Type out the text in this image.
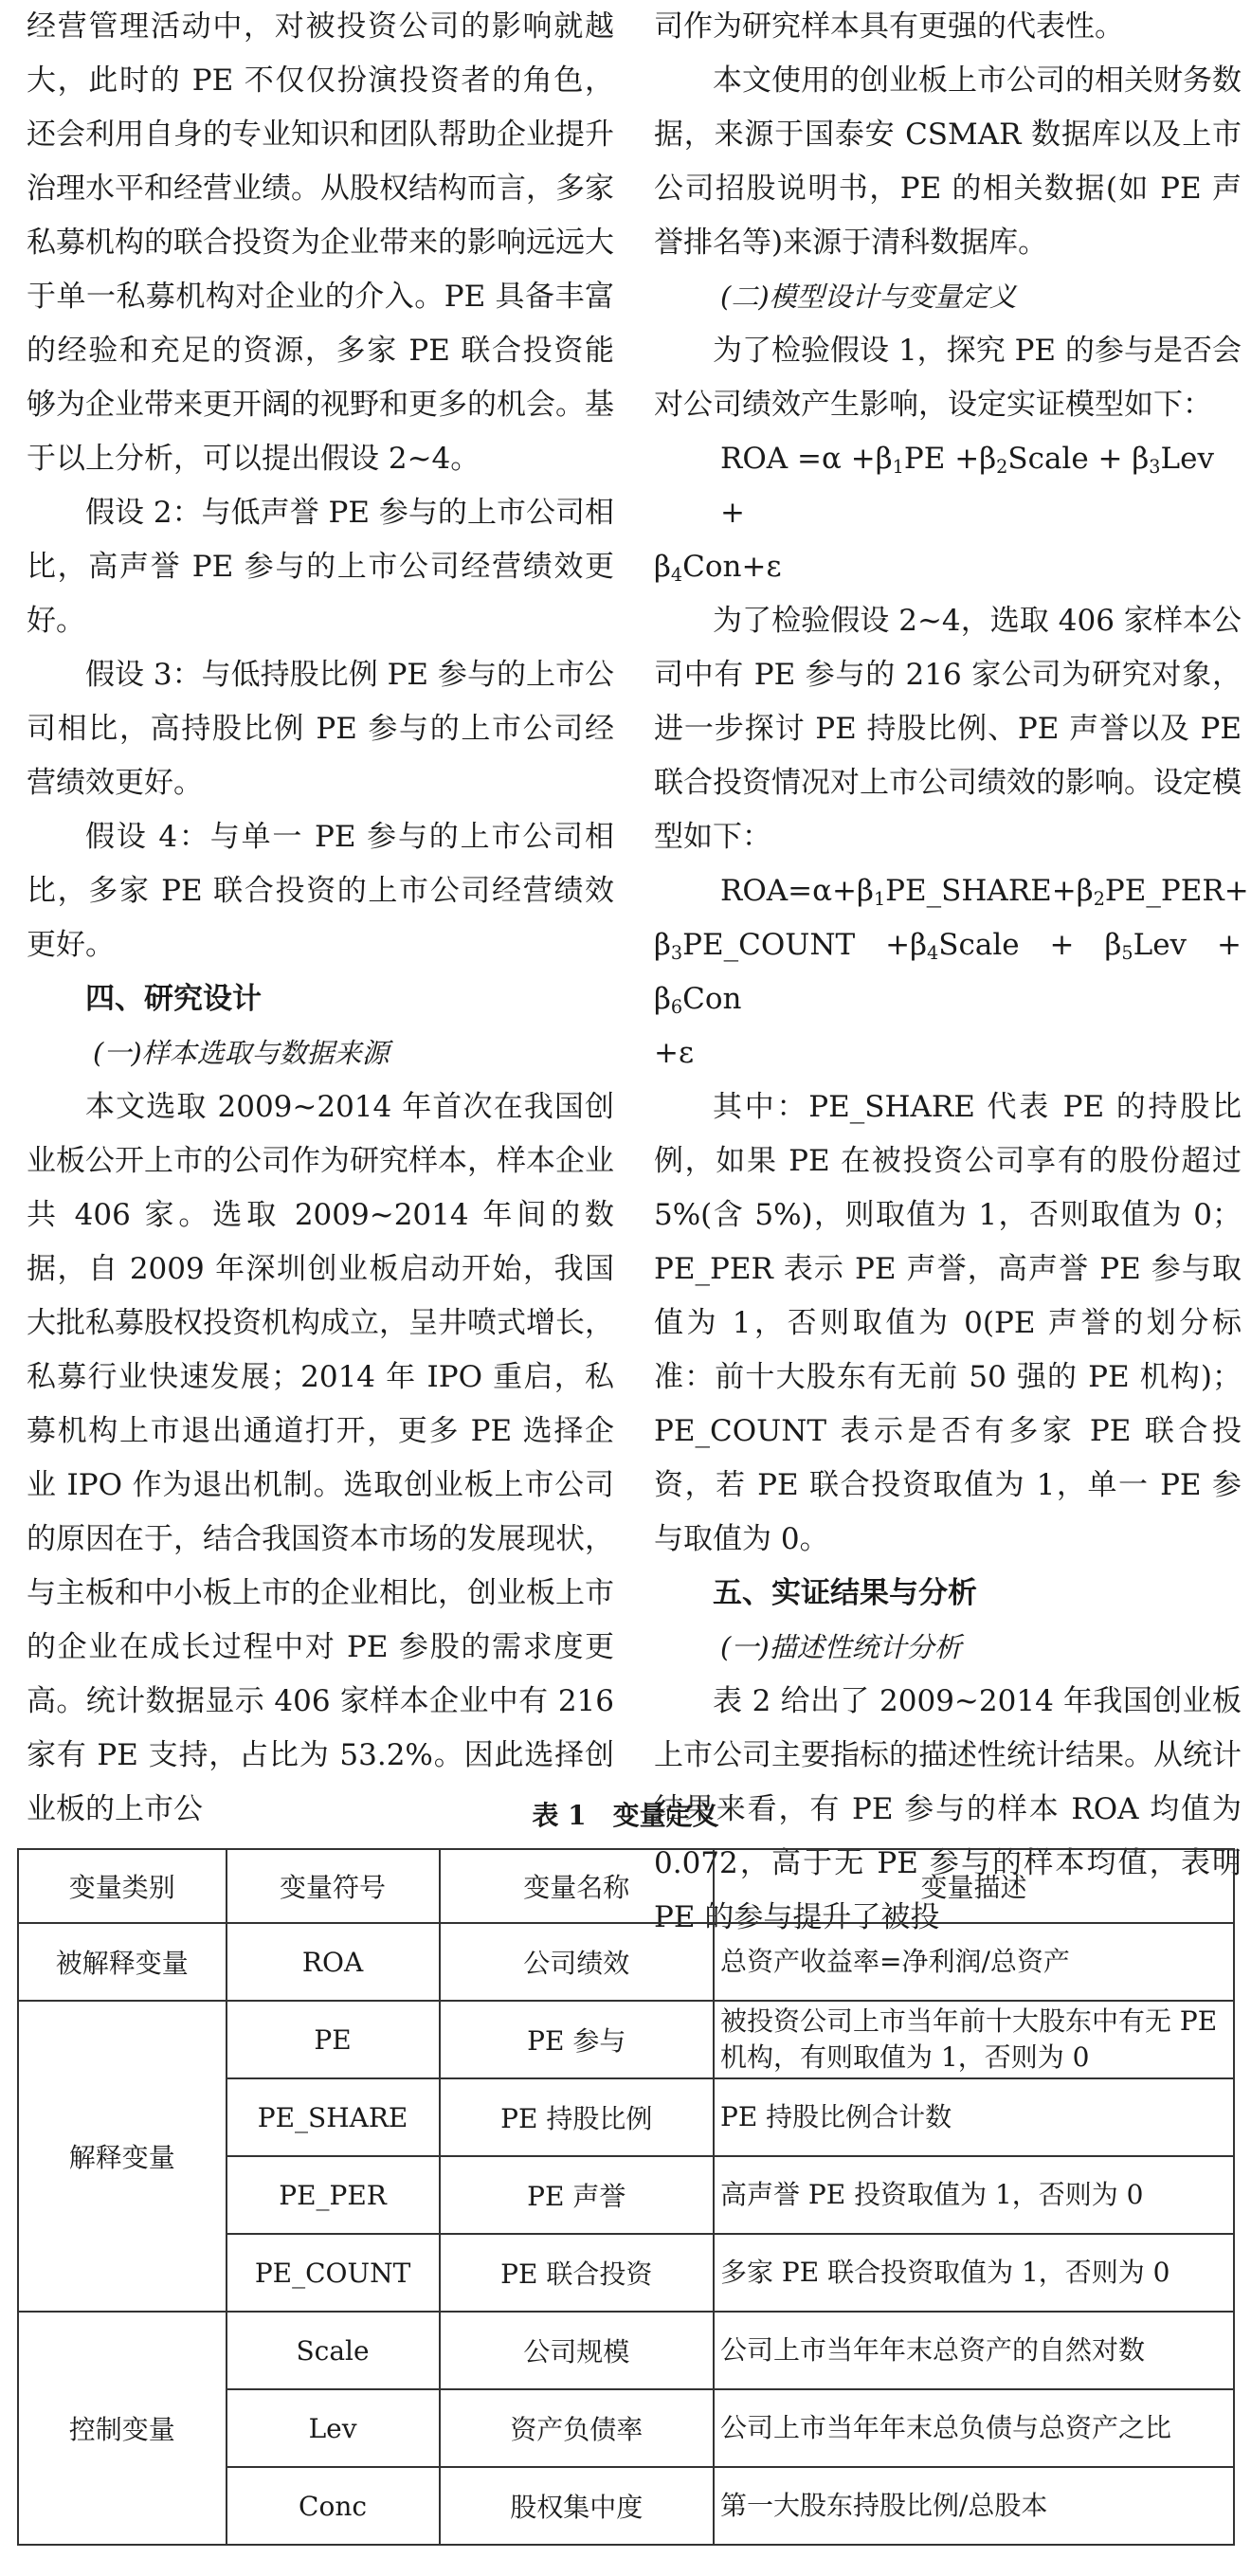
经营管理活动中，对被投资公司的影响就越大，此时的 PE 不仅仅扮演投资者的角色，还会利用自身的专业知识和团队帮助企业提升治理水平和经营业绩。从股权结构而言，多家私募机构的联合投资为企业带来的影响远远大于单一私募机构对企业的介入。PE 具备丰富的经验和充足的资源，多家 PE 联合投资能够为企业带来更开阔的视野和更多的机会。基于以上分析，可以提出假设 2~4。

假设 2：与低声誉 PE 参与的上市公司相比，高声誉 PE 参与的上市公司经营绩效更好。

假设 3：与低持股比例 PE 参与的上市公司相比，高持股比例 PE 参与的上市公司经营绩效更好。

假设 4：与单一 PE 参与的上市公司相比，多家 PE 联合投资的上市公司经营绩效更好。

四、研究设计

(一)样本选取与数据来源

本文选取 2009~2014 年首次在我国创业板公开上市的公司作为研究样本，样本企业共 406 家。选取 2009~2014 年间的数据，自 2009 年深圳创业板启动开始，我国大批私募股权投资机构成立，呈井喷式增长，私募行业快速发展；2014 年 IPO 重启，私募机构上市退出通道打开，更多 PE 选择企业 IPO 作为退出机制。选取创业板上市公司的原因在于，结合我国资本市场的发展现状，与主板和中小板上市的企业相比，创业板上市的企业在成长过程中对 PE 参股的需求度更高。统计数据显示 406 家样本企业中有 216 家有 PE 支持，占比为 53.2%。因此选择创业板的上市公

司作为研究样本具有更强的代表性。

本文使用的创业板上市公司的相关财务数据，来源于国泰安 CSMAR 数据库以及上市公司招股说明书，PE 的相关数据(如 PE 声誉排名等)来源于清科数据库。

(二)模型设计与变量定义

为了检验假设 1，探究 PE 的参与是否会对公司绩效产生影响，设定实证模型如下：

ROA $=\alpha +\beta_1PE$ $+\beta_2Scale + \beta_3Lev$ +

$\beta_4Con+\varepsilon$

为了检验假设 2~4，选取 406 家样本公司中有 PE 参与的 216 家公司为研究对象，进一步探讨 PE 持股比例、PE 声誉以及 PE 联合投资情况对上市公司绩效的影响。设定模型如下：

$ROA=\alpha+\beta_1PE\_SHARE+\beta_2PE\_PER+$

$\beta_3PE\_COUNT$ $+\beta_4Scale + \beta_5Lev + \beta_6Con$

+ε

其中：PE_SHARE 代表 PE 的持股比例，如果 PE 在被投资公司享有的股份超过 5%(含 5%)，则取值为 1，否则取值为 0；PE_PER 表示 PE 声誉，高声誉 PE 参与取值为 1，否则取值为 0(PE 声誉的划分标准：前十大股东有无前 50 强的 PE 机构)；PE_COUNT 表示是否有多家 PE 联合投资，若 PE 联合投资取值为 1，单一 PE 参与取值为 0。

五、实证结果与分析

(一)描述性统计分析

表 2 给出了 2009~2014 年我国创业板上市公司主要指标的描述性统计结果。从统计结果来看，有 PE 参与的样本 ROA 均值为 0.072，高于无 PE 参与的样本均值，表明 PE 的参与提升了被投

表 1　变量定义
变量类别	变量符号	变量名称	变量描述
被解释变量	ROA	公司绩效	总资产收益率=净利润/总资产
解释变量	PE	PE 参与	被投资公司上市当年前十大股东中有无 PE 机构，有则取值为 1，否则为 0
	PE_SHARE	PE 持股比例	PE 持股比例合计数
	PE_PER	PE 声誉	高声誉 PE 投资取值为 1，否则为 0
	PE_COUNT	PE 联合投资	多家 PE 联合投资取值为 1，否则为 0
控制变量	Scale	公司规模	公司上市当年年末总资产的自然对数
	Lev	资产负债率	公司上市当年年末总负债与总资产之比
	Conc	股权集中度	第一大股东持股比例/总股本
